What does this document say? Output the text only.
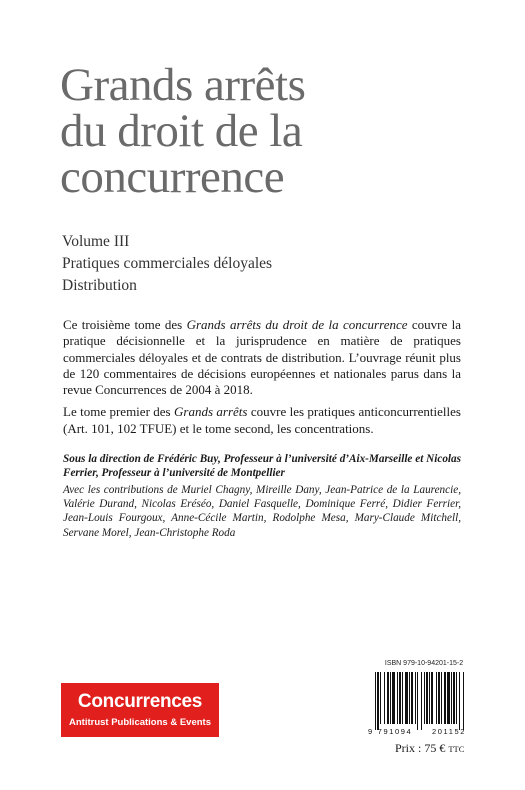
Grands arrêts
du droit de la
concurrence
Volume III
Pratiques commerciales déloyales
Distribution

Ce troisième tome des Grands arrêts du droit de la concurrence couvre la pratique décisionnelle et la jurisprudence en matière de pratiques commerciales déloyales et de contrats de distribution. L’ouvrage réunit plus de 120 commentaires de décisions européennes et nationales parus dans la revue Concurrences de 2004 à 2018.

Le tome premier des Grands arrêts couvre les pratiques anticoncurrentielles (Art. 101, 102 TFUE) et le tome second, les concentrations.

Sous la direction de Frédéric Buy, Professeur à l’université d’Aix-Marseille et Nicolas Ferrier, Professeur à l’université de Montpellier
Avec les contributions de Muriel Chagny, Mireille Dany, Jean-Patrice de la Laurencie, Valérie Durand, Nicolas Eréséo, Daniel Fasquelle, Dominique Ferré, Didier Ferrier, Jean-Louis Fourgoux, Anne-Cécile Martin, Rodolphe Mesa, Mary-Claude Mitchell, Servane Morel, Jean-Christophe Roda
Concurrences
Antitrust Publications & Events
ISBN 979-10-94201-15-2
9 791094	201152
Prix : 75 € TTC
